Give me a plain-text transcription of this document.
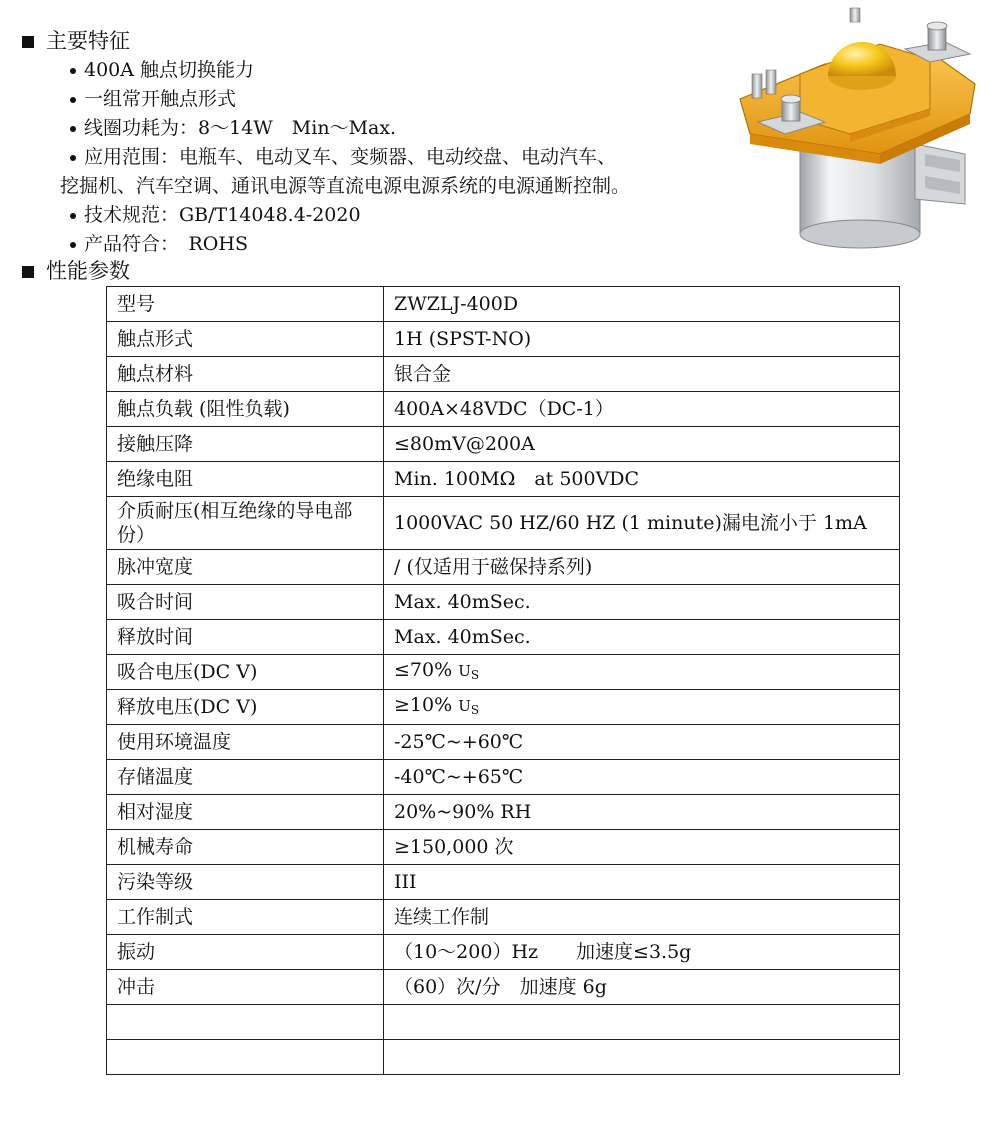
主要特征
400A 触点切换能力
一组常开触点形式
线圈功耗为：8～14W　Min～Max.
应用范围：电瓶车、电动叉车、变频器、电动绞盘、电动汽车、
挖掘机、汽车空调、通讯电源等直流电源电源系统的电源通断控制。
技术规范：GB/T14048.4-2020
产品符合：　ROHS
性能参数
型号	ZWZLJ-400D
触点形式	1H (SPST-NO)
触点材料	银合金
触点负载 (阻性负载)	400A×48VDC（DC-1）
接触压降	≤80mV@200A
绝缘电阻	Min. 100MΩ　at 500VDC
介质耐压(相互绝缘的导电部份）	1000VAC 50 HZ/60 HZ (1 minute)漏电流小于 1mA
脉冲宽度	/ (仅适用于磁保持系列)
吸合时间	Max. 40mSec.
释放时间	Max. 40mSec.
吸合电压(DC V)	≤70% $U_S$
释放电压(DC V)	≥10% $U_S$
使用环境温度	-25℃~+60℃
存储温度	-40℃~+65℃
相对湿度	20%~90% RH
机械寿命	≥150,000 次
污染等级	III
工作制式	连续工作制
振动	（10～200）Hz　　加速度≤3.5g
冲击	（60）次/分　加速度 6g
